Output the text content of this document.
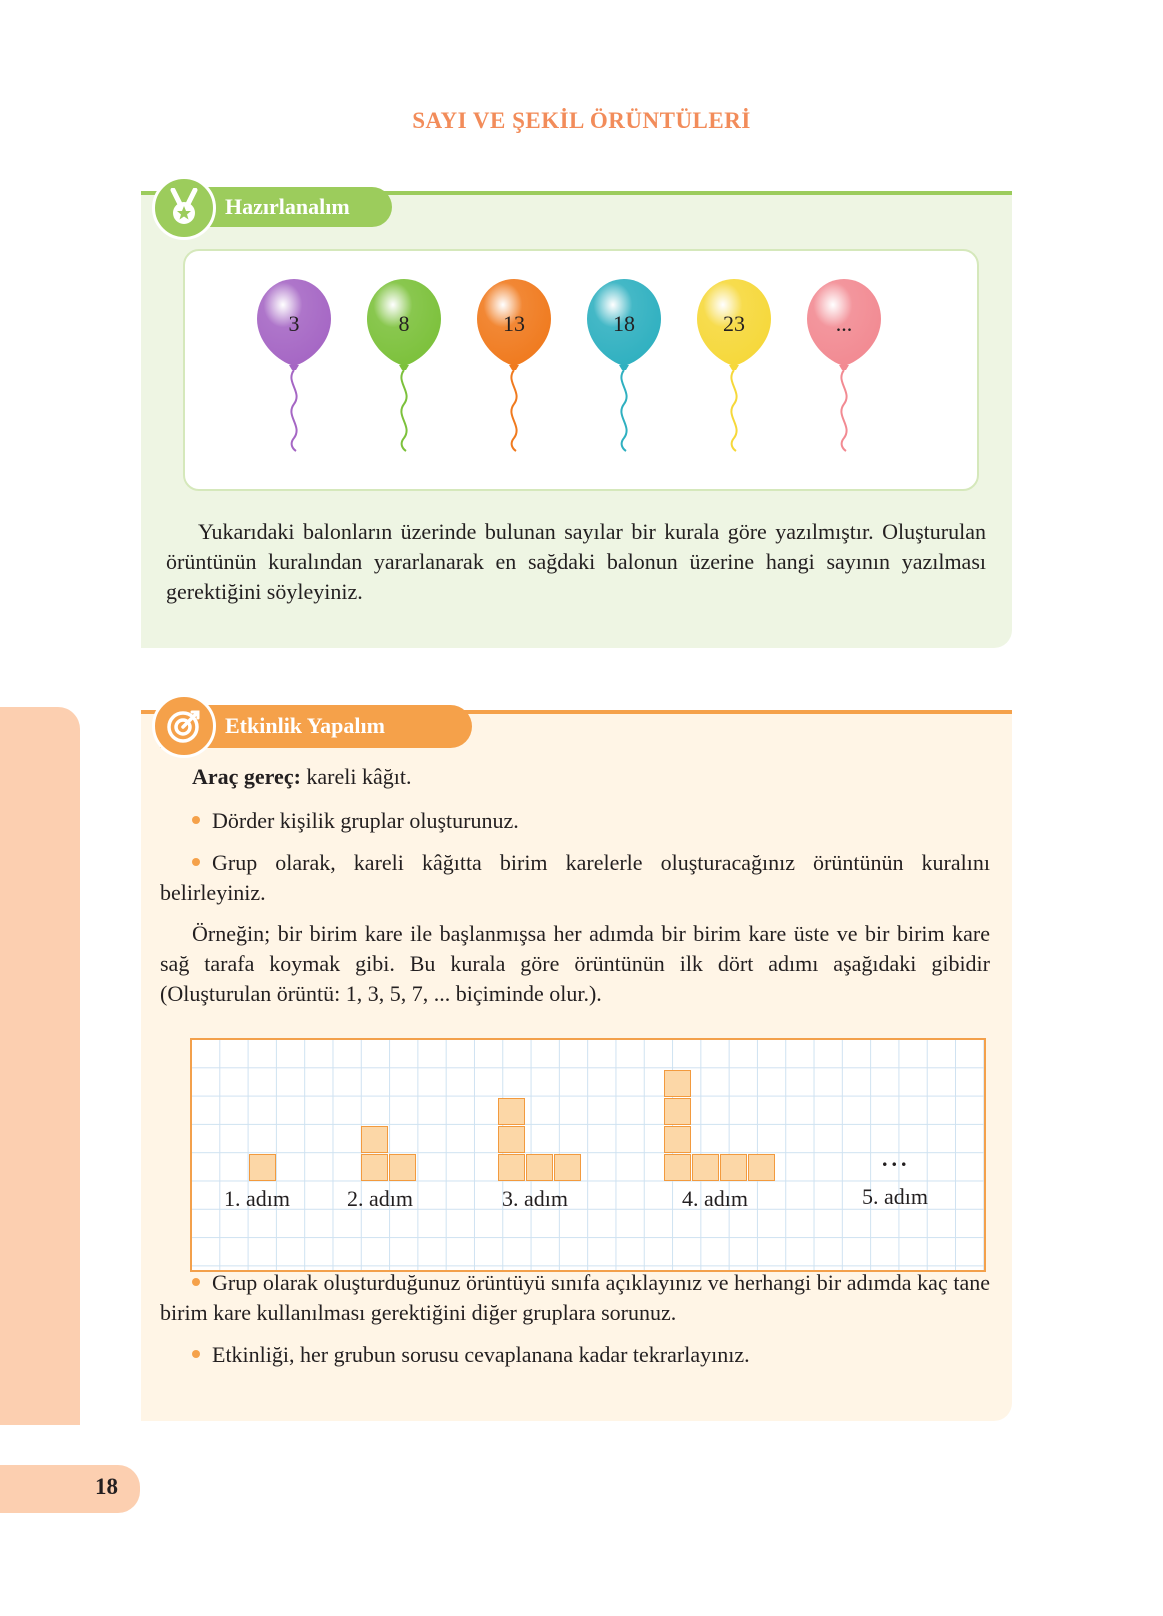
SAYI VE ŞEKİL ÖRÜNTÜLERİ
Hazırlanalım
3	8	13	18	23	...
Yukarıdaki balonların üzerinde bulunan sayılar bir kurala göre yazılmıştır. Oluşturulan örüntünün kuralından yararlanarak en sağdaki balonun üzerine hangi sayının yazılması gerektiğini söyleyiniz.
Etkinlik Yapalım
Araç gereç: kareli kâğıt.
Dörder kişilik gruplar oluşturunuz.
Grup olarak, kareli kâğıtta birim karelerle oluşturacağınız örüntünün kuralını belirleyiniz.
Örneğin; bir birim kare ile başlanmışsa her adımda bir birim kare üste ve bir birim kare sağ tarafa koymak gibi. Bu kurala göre örüntünün ilk dört adımı aşağıdaki gibidir (Oluşturulan örüntü: 1, 3, 5, 7, ... biçiminde olur.).
1. adım	2. adım	3. adım	4. adım	5. adım
...
Grup olarak oluşturduğunuz örüntüyü sınıfa açıklayınız ve herhangi bir adımda kaç tane birim kare kullanılması gerektiğini diğer gruplara sorunuz.
Etkinliği, her grubun sorusu cevaplanana kadar tekrarlayınız.
18
